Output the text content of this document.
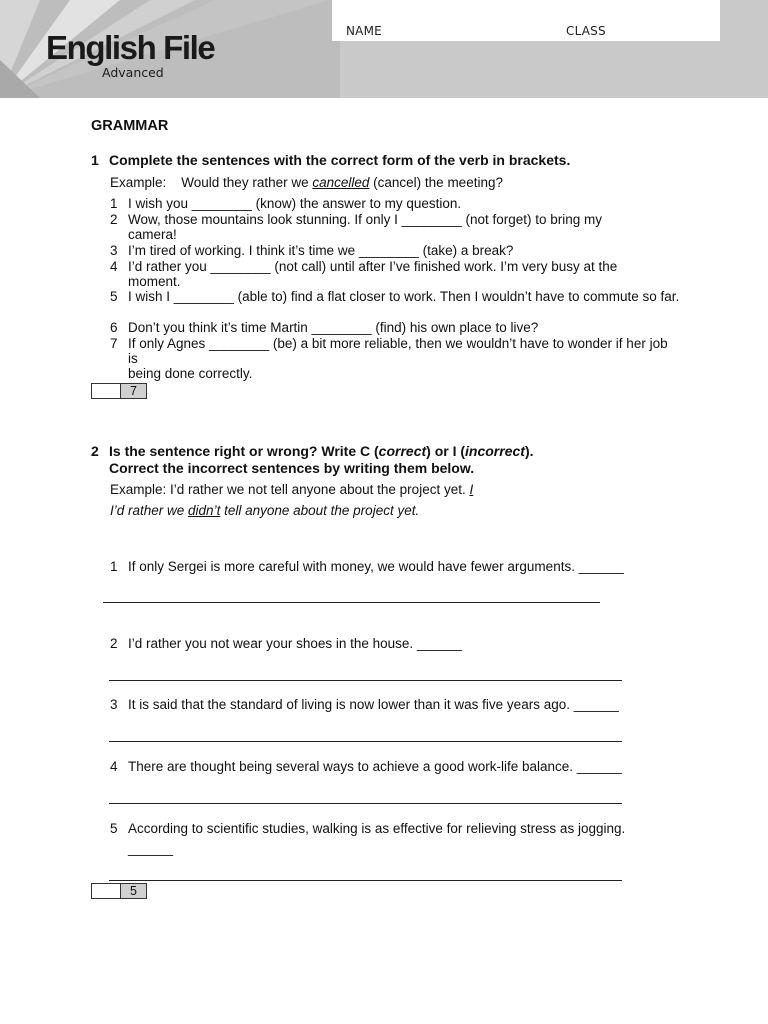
NAME	CLASS
English File
Advanced
GRAMMAR
1 Complete the sentences with the correct form of the verb in brackets.
Example: Would they rather we cancelled (cancel) the meeting?
1 I wish you ________ (know) the answer to my question.
2 Wow, those mountains look stunning. If only I ________ (not forget) to bring my camera!
3 I’m tired of working. I think it’s time we ________ (take) a break?
4 I’d rather you ________ (not call) until after I’ve finished work. I’m very busy at the moment.
5 I wish I ________ (able to) find a flat closer to work. Then I wouldn’t have to commute so far.
6 Don’t you think it’s time Martin ________ (find) his own place to live?
7 If only Agnes ________ (be) a bit more reliable, then we wouldn’t have to wonder if her job is
being done correctly.
7
2 Is the sentence right or wrong? Write C (correct) or I (incorrect).
Correct the incorrect sentences by writing them below.
Example: I’d rather we not tell anyone about the project yet. I
I’d rather we didn’t tell anyone about the project yet.
1 If only Sergei is more careful with money, we would have fewer arguments. ______
2 I’d rather you not wear your shoes in the house. ______
3 It is said that the standard of living is now lower than it was five years ago. ______
4 There are thought being several ways to achieve a good work-life balance. ______
5 According to scientific studies, walking is as effective for relieving stress as jogging.
______
5
